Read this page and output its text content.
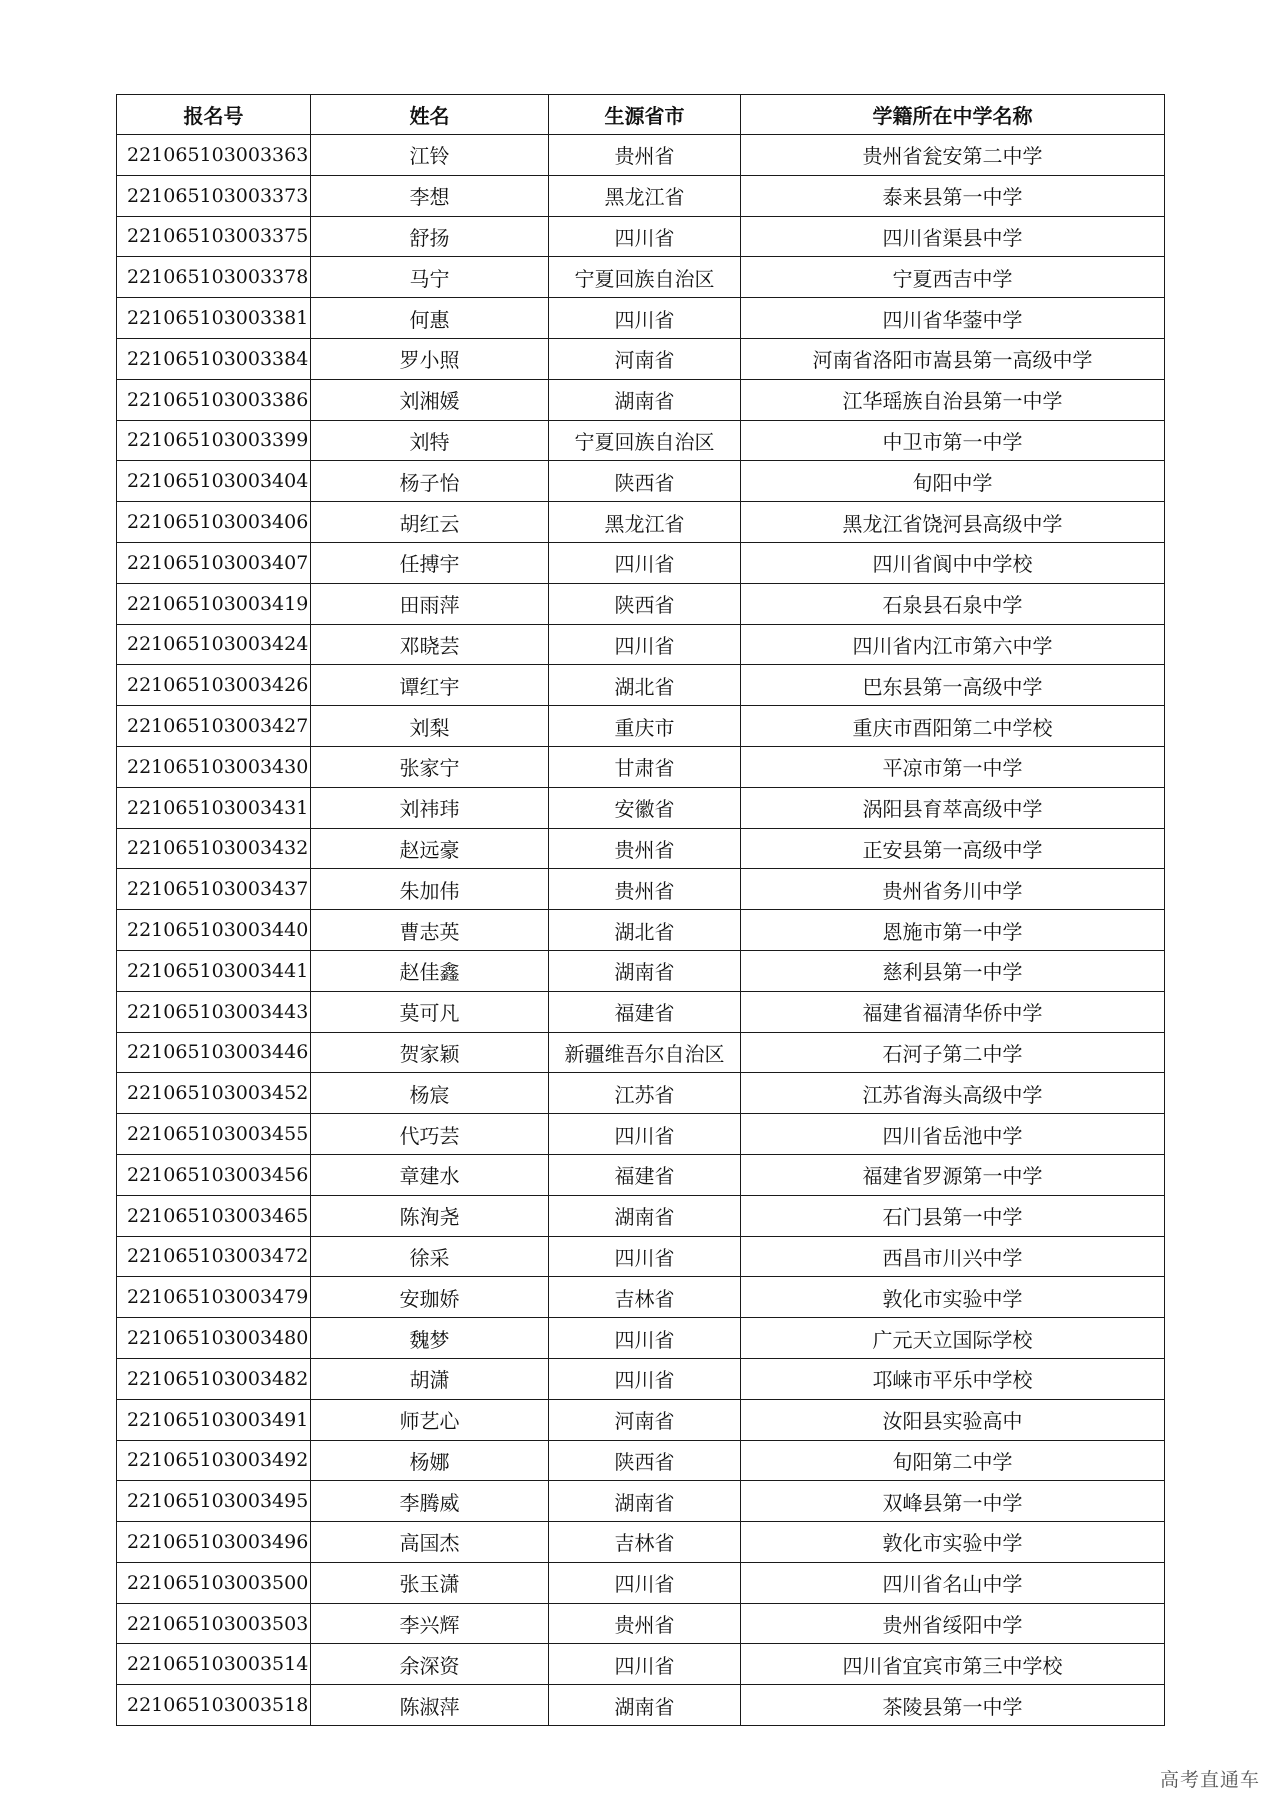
报名号	姓名	生源省市	学籍所在中学名称
221065103003363	江铃	贵州省	贵州省瓮安第二中学
221065103003373	李想	黑龙江省	泰来县第一中学
221065103003375	舒扬	四川省	四川省渠县中学
221065103003378	马宁	宁夏回族自治区	宁夏西吉中学
221065103003381	何惠	四川省	四川省华蓥中学
221065103003384	罗小照	河南省	河南省洛阳市嵩县第一高级中学
221065103003386	刘湘媛	湖南省	江华瑶族自治县第一中学
221065103003399	刘特	宁夏回族自治区	中卫市第一中学
221065103003404	杨子怡	陕西省	旬阳中学
221065103003406	胡红云	黑龙江省	黑龙江省饶河县高级中学
221065103003407	任搏宇	四川省	四川省阆中中学校
221065103003419	田雨萍	陕西省	石泉县石泉中学
221065103003424	邓晓芸	四川省	四川省内江市第六中学
221065103003426	谭红宇	湖北省	巴东县第一高级中学
221065103003427	刘梨	重庆市	重庆市酉阳第二中学校
221065103003430	张家宁	甘肃省	平凉市第一中学
221065103003431	刘祎玮	安徽省	涡阳县育萃高级中学
221065103003432	赵远豪	贵州省	正安县第一高级中学
221065103003437	朱加伟	贵州省	贵州省务川中学
221065103003440	曹志英	湖北省	恩施市第一中学
221065103003441	赵佳鑫	湖南省	慈利县第一中学
221065103003443	莫可凡	福建省	福建省福清华侨中学
221065103003446	贺家颖	新疆维吾尔自治区	石河子第二中学
221065103003452	杨宸	江苏省	江苏省海头高级中学
221065103003455	代巧芸	四川省	四川省岳池中学
221065103003456	章建水	福建省	福建省罗源第一中学
221065103003465	陈洵尧	湖南省	石门县第一中学
221065103003472	徐采	四川省	西昌市川兴中学
221065103003479	安珈娇	吉林省	敦化市实验中学
221065103003480	魏梦	四川省	广元天立国际学校
221065103003482	胡潇	四川省	邛崃市平乐中学校
221065103003491	师艺心	河南省	汝阳县实验高中
221065103003492	杨娜	陕西省	旬阳第二中学
221065103003495	李腾威	湖南省	双峰县第一中学
221065103003496	高国杰	吉林省	敦化市实验中学
221065103003500	张玉潇	四川省	四川省名山中学
221065103003503	李兴辉	贵州省	贵州省绥阳中学
221065103003514	余深资	四川省	四川省宜宾市第三中学校
221065103003518	陈淑萍	湖南省	茶陵县第一中学
高考直通车
